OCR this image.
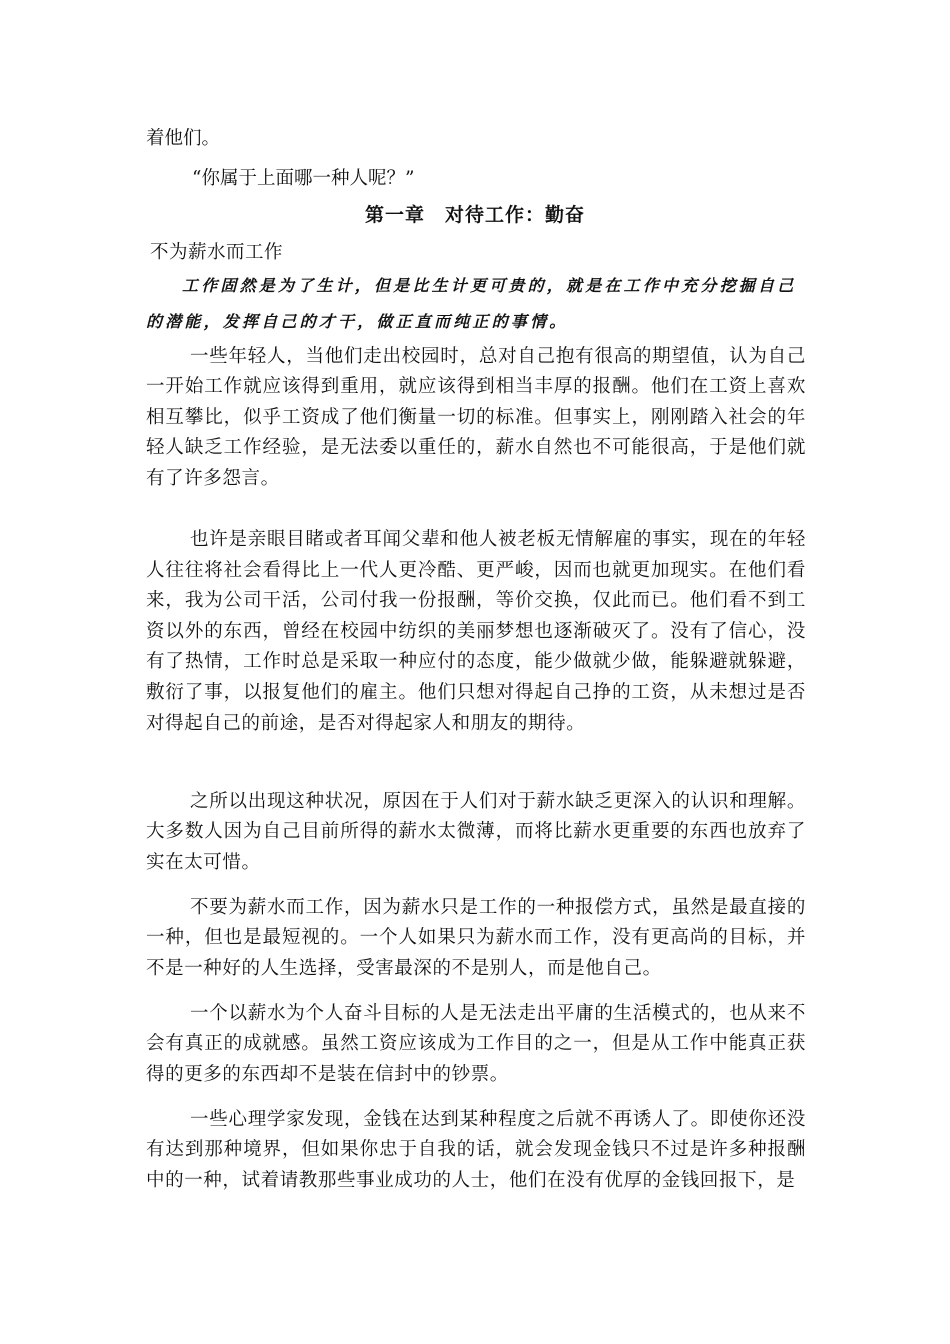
着他们。
“你属于上面哪一种人呢？”
第一章　对待工作：勤奋
不为薪水而工作
工作固然是为了生计，但是比生计更可贵的，就是在工作中充分挖掘自己的潜能，发挥自己的才干，做正直而纯正的事情。

一些年轻人，当他们走出校园时，总对自己抱有很高的期望值，认为自己一开始工作就应该得到重用，就应该得到相当丰厚的报酬。他们在工资上喜欢相互攀比，似乎工资成了他们衡量一切的标准。但事实上，刚刚踏入社会的年轻人缺乏工作经验，是无法委以重任的，薪水自然也不可能很高，于是他们就有了许多怨言。

也许是亲眼目睹或者耳闻父辈和他人被老板无情解雇的事实，现在的年轻人往往将社会看得比上一代人更冷酷、更严峻，因而也就更加现实。在他们看来，我为公司干活，公司付我一份报酬，等价交换，仅此而已。他们看不到工资以外的东西，曾经在校园中纺织的美丽梦想也逐渐破灭了。没有了信心，没有了热情，工作时总是采取一种应付的态度，能少做就少做，能躲避就躲避，敷衍了事，以报复他们的雇主。他们只想对得起自己挣的工资，从未想过是否对得起自己的前途，是否对得起家人和朋友的期待。

之所以出现这种状况，原因在于人们对于薪水缺乏更深入的认识和理解。大多数人因为自己目前所得的薪水太微薄，而将比薪水更重要的东西也放弃了实在太可惜。

不要为薪水而工作，因为薪水只是工作的一种报偿方式，虽然是最直接的一种，但也是最短视的。一个人如果只为薪水而工作，没有更高尚的目标，并不是一种好的人生选择，受害最深的不是别人，而是他自己。

一个以薪水为个人奋斗目标的人是无法走出平庸的生活模式的，也从来不会有真正的成就感。虽然工资应该成为工作目的之一，但是从工作中能真正获得的更多的东西却不是装在信封中的钞票。

一些心理学家发现，金钱在达到某种程度之后就不再诱人了。即使你还没有达到那种境界，但如果你忠于自我的话，就会发现金钱只不过是许多种报酬中的一种，试着请教那些事业成功的人士，他们在没有优厚的金钱回报下，是
